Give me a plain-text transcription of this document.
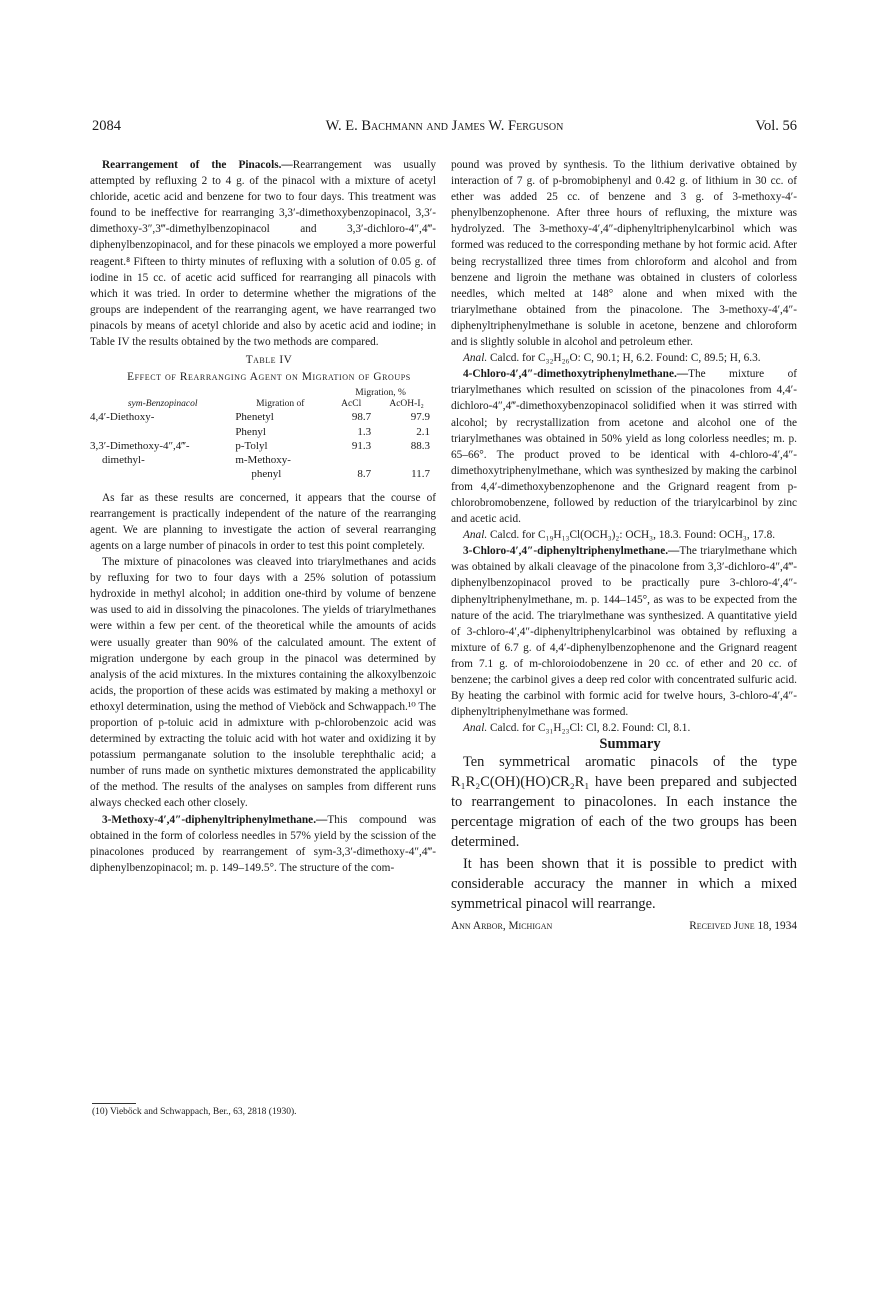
2084	W. E. Bachmann and James W. Ferguson	Vol. 56

Rearrangement of the Pinacols.—Rearrangement was usually attempted by refluxing 2 to 4 g. of the pinacol with a mixture of acetyl chloride, acetic acid and benzene for two to four days. This treatment was found to be ineffective for rearranging 3,3′-dimethoxybenzopinacol, 3,3′-dimethoxy-3″,3‴-dimethylbenzopinacol and 3,3′-dichloro-4″,4‴-diphenylbenzopinacol, and for these pinacols we employed a more powerful reagent.⁸ Fifteen to thirty minutes of refluxing with a solution of 0.05 g. of iodine in 15 cc. of acetic acid sufficed for rearranging all pinacols with which it was tried. In order to determine whether the migrations of the groups are independent of the rearranging agent, we have rearranged two pinacols by means of acetyl chloride and also by acetic acid and iodine; in Table IV the results obtained by the two methods are compared.

Table IV

Effect of Rearranging Agent on Migration of Groups

		Migration, %	
sym-Benzopinacol	Migration of	AcCl	AcOH-I₂
4,4′-Diethoxy-	Phenetyl	98.7	97.9
	Phenyl	1.3	2.1
3,3′-Dimethoxy-4″,4‴-	p-Tolyl	91.3	88.3
dimethyl-	m-Methoxy-		
	phenyl	8.7	11.7

As far as these results are concerned, it appears that the course of rearrangement is practically independent of the nature of the rearranging agent. We are planning to investigate the action of several rearranging agents on a large number of pinacols in order to test this point completely.

The mixture of pinacolones was cleaved into triarylmethanes and acids by refluxing for two to four days with a 25% solution of potassium hydroxide in methyl alcohol; in addition one-third by volume of benzene was used to aid in dissolving the pinacolones. The yields of triarylmethanes were within a few per cent. of the theoretical while the amounts of acids were usually greater than 90% of the calculated amount. The extent of migration undergone by each group in the pinacol was determined by analysis of the acid mixtures. In the mixtures containing the alkoxylbenzoic acids, the proportion of these acids was estimated by making a methoxyl or ethoxyl determination, using the method of Vieböck and Schwappach.¹⁰ The proportion of p-toluic acid in admixture with p-chlorobenzoic acid was determined by extracting the toluic acid with hot water and oxidizing it by potassium permanganate solution to the insoluble terephthalic acid; a number of runs made on synthetic mixtures demonstrated the applicability of the method. The results of the analyses on samples from different runs always checked each other closely.

3-Methoxy-4′,4″-diphenyltriphenylmethane.—This compound was obtained in the form of colorless needles in 57% yield by the scission of the pinacolones produced by rearrangement of sym-3,3′-dimethoxy-4″,4‴-diphenylbenzopinacol; m. p. 149–149.5°. The structure of the com-

(10) Vieböck and Schwappach, Ber., 63, 2818 (1930).

pound was proved by synthesis. To the lithium derivative obtained by interaction of 7 g. of p-bromobiphenyl and 0.42 g. of lithium in 30 cc. of ether was added 25 cc. of benzene and 3 g. of 3-methoxy-4′-phenylbenzophenone. After three hours of refluxing, the mixture was hydrolyzed. The 3-methoxy-4′,4″-diphenyltriphenylcarbinol which was formed was reduced to the corresponding methane by hot formic acid. After being recrystallized three times from chloroform and alcohol and from benzene and ligroin the methane was obtained in clusters of colorless needles, which melted at 148° alone and when mixed with the triarylmethane obtained from the pinacolone. The 3-methoxy-4′,4″-diphenyltriphenylmethane is soluble in acetone, benzene and chloroform and is slightly soluble in alcohol and petroleum ether.

Anal. Calcd. for C₃₂H₂₆O: C, 90.1; H, 6.2. Found: C, 89.5; H, 6.3.

4-Chloro-4′,4″-dimethoxytriphenylmethane.—The mixture of triarylmethanes which resulted on scission of the pinacolones from 4,4′-dichloro-4″,4‴-dimethoxybenzopinacol solidified when it was stirred with alcohol; by recrystallization from acetone and alcohol one of the triarylmethanes was obtained in 50% yield as long colorless needles; m. p. 65–66°. The product proved to be identical with 4-chloro-4′,4″-dimethoxytriphenylmethane, which was synthesized by making the carbinol from 4,4′-dimethoxybenzophenone and the Grignard reagent from p-chlorobromobenzene, followed by reduction of the triarylcarbinol by zinc and acetic acid.

Anal. Calcd. for C₁₉H₁₃Cl(OCH₃)₂: OCH₃, 18.3. Found: OCH₃, 17.8.

3-Chloro-4′,4″-diphenyltriphenylmethane.—The triarylmethane which was obtained by alkali cleavage of the pinacolone from 3,3′-dichloro-4″,4‴-diphenylbenzopinacol proved to be practically pure 3-chloro-4′,4″-diphenyltriphenylmethane, m. p. 144–145°, as was to be expected from the nature of the acid. The triarylmethane was synthesized. A quantitative yield of 3-chloro-4′,4″-diphenyltriphenylcarbinol was obtained by refluxing a mixture of 6.7 g. of 4,4′-diphenylbenzophenone and the Grignard reagent from 7.1 g. of m-chloroiodobenzene in 20 cc. of ether and 20 cc. of benzene; the carbinol gives a deep red color with concentrated sulfuric acid. By heating the carbinol with formic acid for twelve hours, 3-chloro-4′,4″-diphenyltriphenylmethane was formed.

Anal. Calcd. for C₃₁H₂₃Cl: Cl, 8.2. Found: Cl, 8.1.

Summary

Ten symmetrical aromatic pinacols of the type R₁R₂C(OH)(HO)CR₂R₁ have been prepared and subjected to rearrangement to pinacolones. In each instance the percentage migration of each of the two groups has been determined.

It has been shown that it is possible to predict with considerable accuracy the manner in which a mixed symmetrical pinacol will rearrange.

Ann Arbor, Michigan	Received June 18, 1934
